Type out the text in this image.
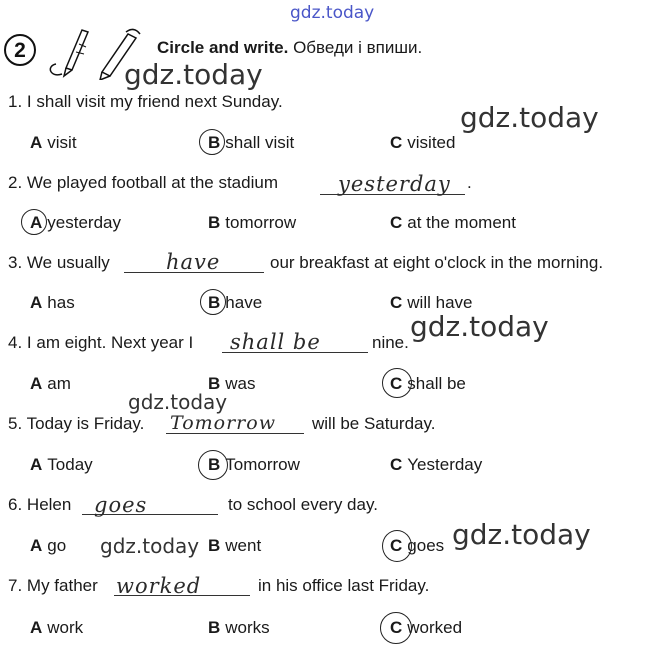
gdz.today
2	Circle and write. Обведи і впиши.
1. I shall visit my friend next Sunday.
A visit	B shall visit	C visited
2. We played football at the stadium	yesterday .
A yesterday	B tomorrow	C at the moment
3. We usually	have	our breakfast at eight o'clock in the morning.
A has	B have	C will have
4. I am eight. Next year I shall be	nine.
A am	B was	C shall be
5. Today is Friday. Tomorrow will be Saturday.
A Today	B Tomorrow	C Yesterday
6. Helen goes	to school every day.
A go	B went	C goes
7. My father worked	in his office last Friday.
A work	B works	C worked
gdz.today
gdz.today
gdz.today
gdz.today
gdz.today	gdz.today
